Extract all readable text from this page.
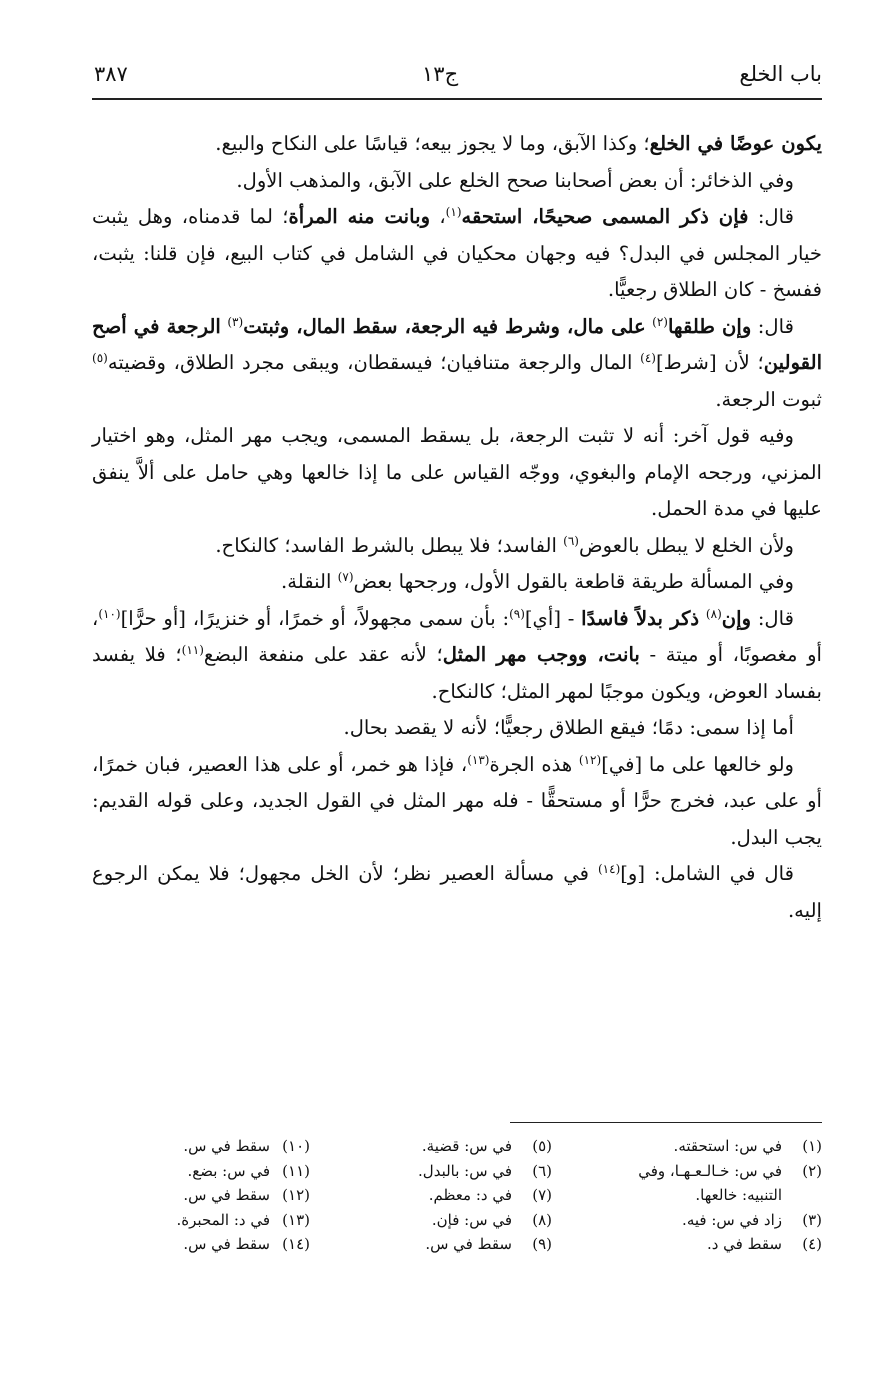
باب الخلع
ج١٣
٣٨٧

يكون عوضًا في الخلع؛ وكذا الآبق، وما لا يجوز بيعه؛ قياسًا على النكاح والبيع.

وفي الذخائر: أن بعض أصحابنا صحح الخلع على الآبق، والمذهب الأول.

قال: فإن ذكر المسمى صحيحًا، استحقه$^{(١)}$، وبانت منه المرأة؛ لما قدمناه، وهل يثبت خيار المجلس في البدل؟ فيه وجهان محكيان في الشامل في كتاب البيع، فإن قلنا: يثبت، ففسخ - كان الطلاق رجعيًّا.

قال: وإن طلقها$^{(٢)}$ على مال، وشرط فيه الرجعة، سقط المال، وثبتت$^{(٣)}$ الرجعة في أصح القولين؛ لأن [شرط]$^{(٤)}$ المال والرجعة متنافيان؛ فيسقطان، ويبقى مجرد الطلاق، وقضيته$^{(٥)}$ ثبوت الرجعة.

وفيه قول آخر: أنه لا تثبت الرجعة، بل يسقط المسمى، ويجب مهر المثل، وهو اختيار المزني، ورجحه الإمام والبغوي، ووجّه القياس على ما إذا خالعها وهي حامل على ألاَّ ينفق عليها في مدة الحمل.

ولأن الخلع لا يبطل بالعوض$^{(٦)}$ الفاسد؛ فلا يبطل بالشرط الفاسد؛ كالنكاح.

وفي المسألة طريقة قاطعة بالقول الأول، ورجحها بعض$^{(٧)}$ النقلة.

قال: وإن$^{(٨)}$ ذكر بدلاً فاسدًا - [أي]$^{(٩)}$: بأن سمى مجهولاً، أو خمرًا، أو خنزيرًا، [أو حرًّا]$^{(١٠)}$، أو مغصوبًا، أو ميتة - بانت، ووجب مهر المثل؛ لأنه عقد على منفعة البضع$^{(١١)}$؛ فلا يفسد بفساد العوض، ويكون موجبًا لمهر المثل؛ كالنكاح.

أما إذا سمى: دمًا؛ فيقع الطلاق رجعيًّا؛ لأنه لا يقصد بحال.

ولو خالعها على ما [في]$^{(١٢)}$ هذه الجرة$^{(١٣)}$، فإذا هو خمر، أو على هذا العصير، فبان خمرًا، أو على عبد، فخرج حرًّا أو مستحقًّا - فله مهر المثل في القول الجديد، وعلى قوله القديم: يجب البدل.

قال في الشامل: [و]$^{(١٤)}$ في مسألة العصير نظر؛ لأن الخل مجهول؛ فلا يمكن الرجوع إليه.

(١)في س: استحقته.
(٢)في س: خـالـعـهـا، وفي
التنبيه: خالعها.
(٣)زاد في س: فيه.
(٤)سقط في د.
(٥)في س: قضية.
(٦)في س: بالبدل.
(٧)في د: معظم.
(٨)في س: فإن.
(٩)سقط في س.
(١٠)سقط في س.
(١١)في س: بضع.
(١٢)سقط في س.
(١٣)في د: المحبرة.
(١٤)سقط في س.
